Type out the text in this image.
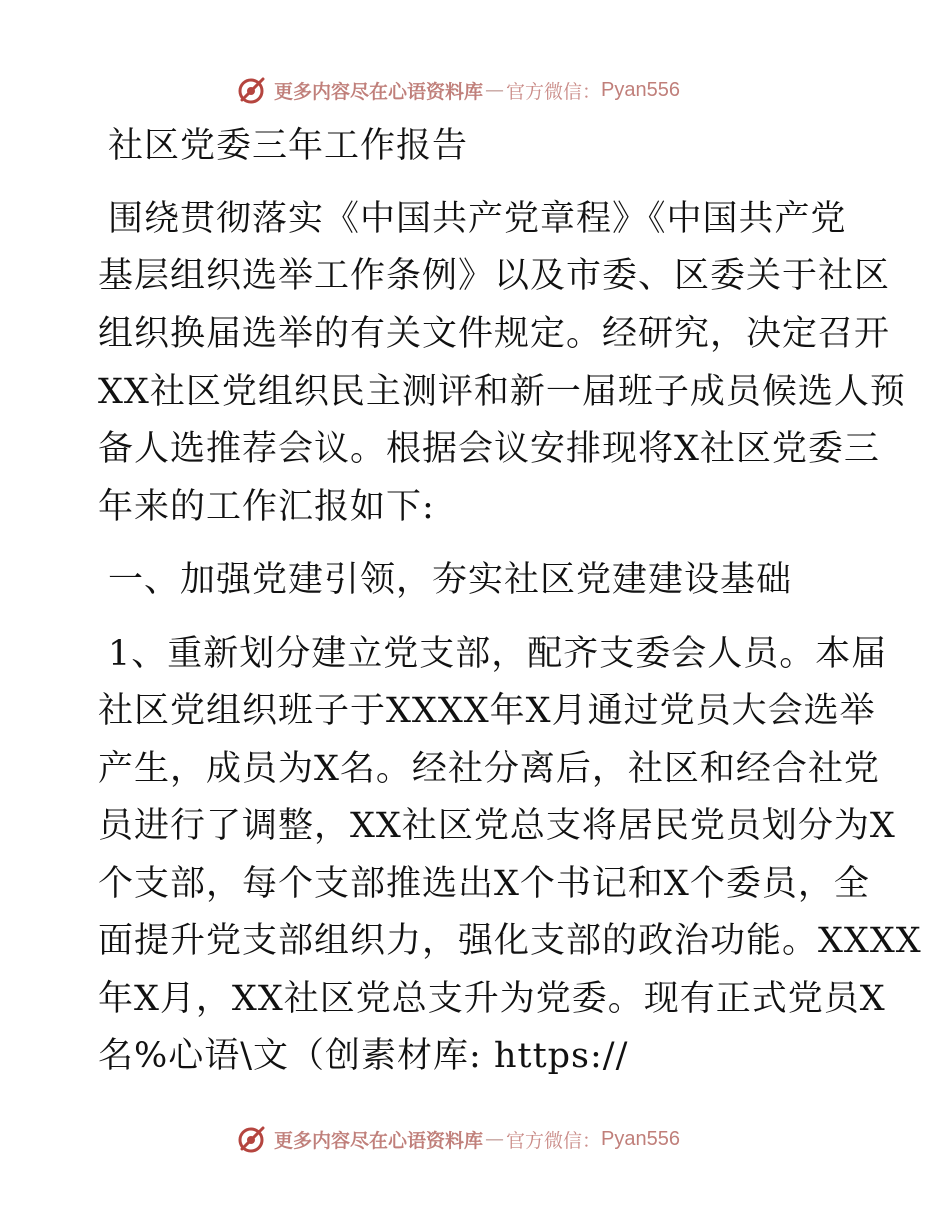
更多内容尽在心语资料库 — 官方微信： Pyan556

社区党委三年工作报告

围绕贯彻落实《中国共产党章程》《中国共产党

基层组织选举工作条例》以及市委、区委关于社区

组织换届选举的有关文件规定。经研究，决定召开

XX社区党组织民主测评和新一届班子成员候选人预

备人选推荐会议。根据会议安排现将X社区党委三

年来的工作汇报如下:

一、加强党建引领，夯实社区党建建设基础

1、重新划分建立党支部，配齐支委会人员。本届

社区党组织班子于XXXX年X月通过党员大会选举

产生，成员为X名。经社分离后，社区和经合社党

员进行了调整，XX社区党总支将居民党员划分为X

个支部，每个支部推选出X个书记和X个委员，全

面提升党支部组织力，强化支部的政治功能。XXXX

年X月，XX社区党总支升为党委。现有正式党员X

名%心语\文（创素材库: https://

更多内容尽在心语资料库 — 官方微信： Pyan556
